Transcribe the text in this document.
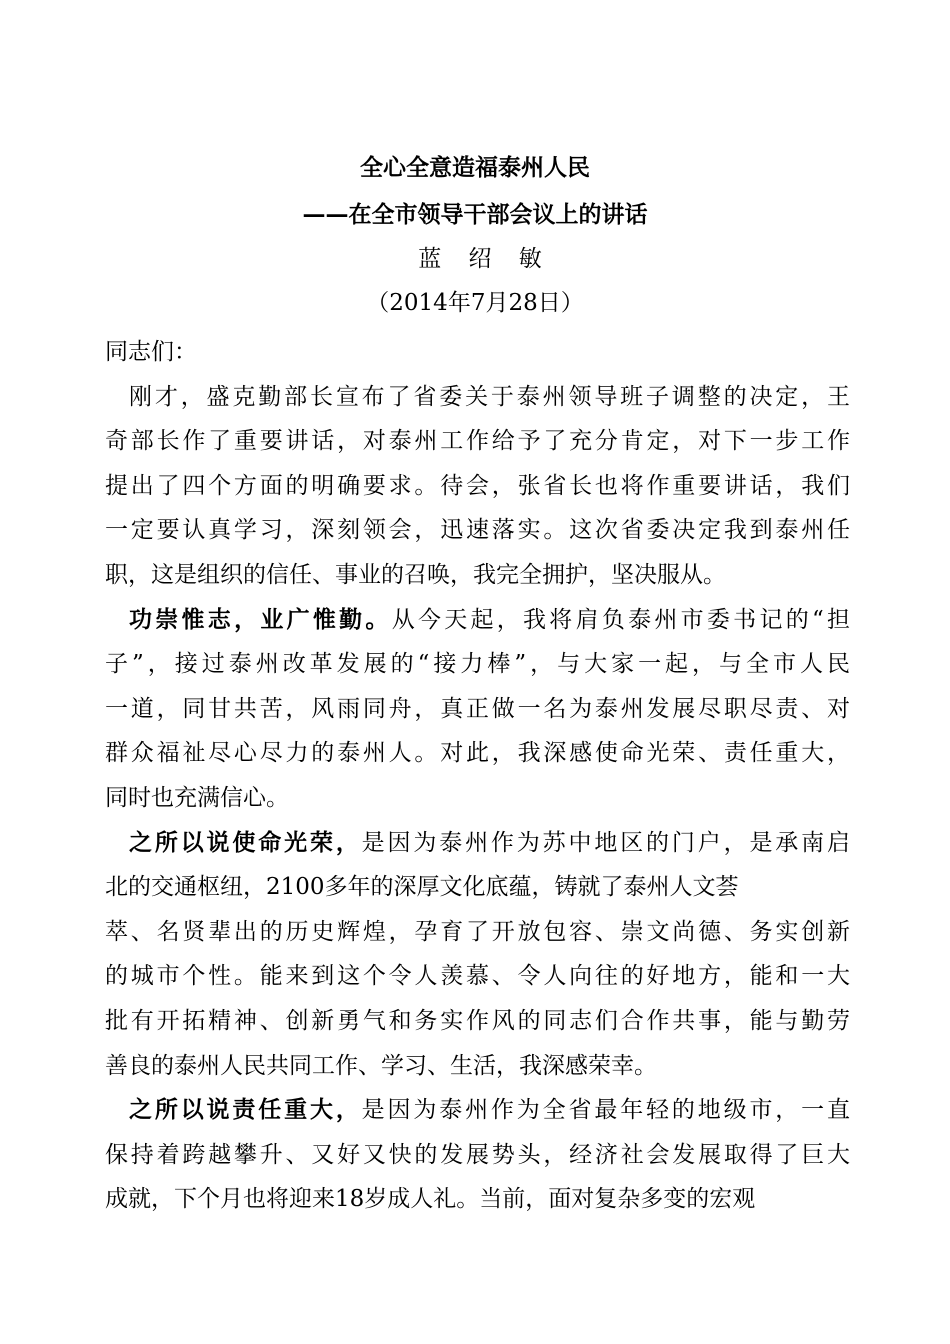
全心全意造福泰州人民
——在全市领导干部会议上的讲话
蓝 绍 敏
（2014年7月28日）
同志们：
刚才，盛克勤部长宣布了省委关于泰州领导班子调整的决定，王
奇部长作了重要讲话，对泰州工作给予了充分肯定，对下一步工作
提出了四个方面的明确要求。待会，张省长也将作重要讲话，我们
一定要认真学习，深刻领会，迅速落实。这次省委决定我到泰州任
职，这是组织的信任、事业的召唤，我完全拥护，坚决服从。
功崇惟志，业广惟勤。从今天起，我将肩负泰州市委书记的“担
子”，接过泰州改革发展的“接力棒”，与大家一起，与全市人民
一道，同甘共苦，风雨同舟，真正做一名为泰州发展尽职尽责、对
群众福祉尽心尽力的泰州人。对此，我深感使命光荣、责任重大，
同时也充满信心。
之所以说使命光荣，是因为泰州作为苏中地区的门户，是承南启
北的交通枢纽，2100多年的深厚文化底蕴，铸就了泰州人文荟
萃、名贤辈出的历史辉煌，孕育了开放包容、崇文尚德、务实创新
的城市个性。能来到这个令人羡慕、令人向往的好地方，能和一大
批有开拓精神、创新勇气和务实作风的同志们合作共事，能与勤劳
善良的泰州人民共同工作、学习、生活，我深感荣幸。
之所以说责任重大，是因为泰州作为全省最年轻的地级市，一直
保持着跨越攀升、又好又快的发展势头，经济社会发展取得了巨大
成就，下个月也将迎来18岁成人礼。当前，面对复杂多变的宏观
